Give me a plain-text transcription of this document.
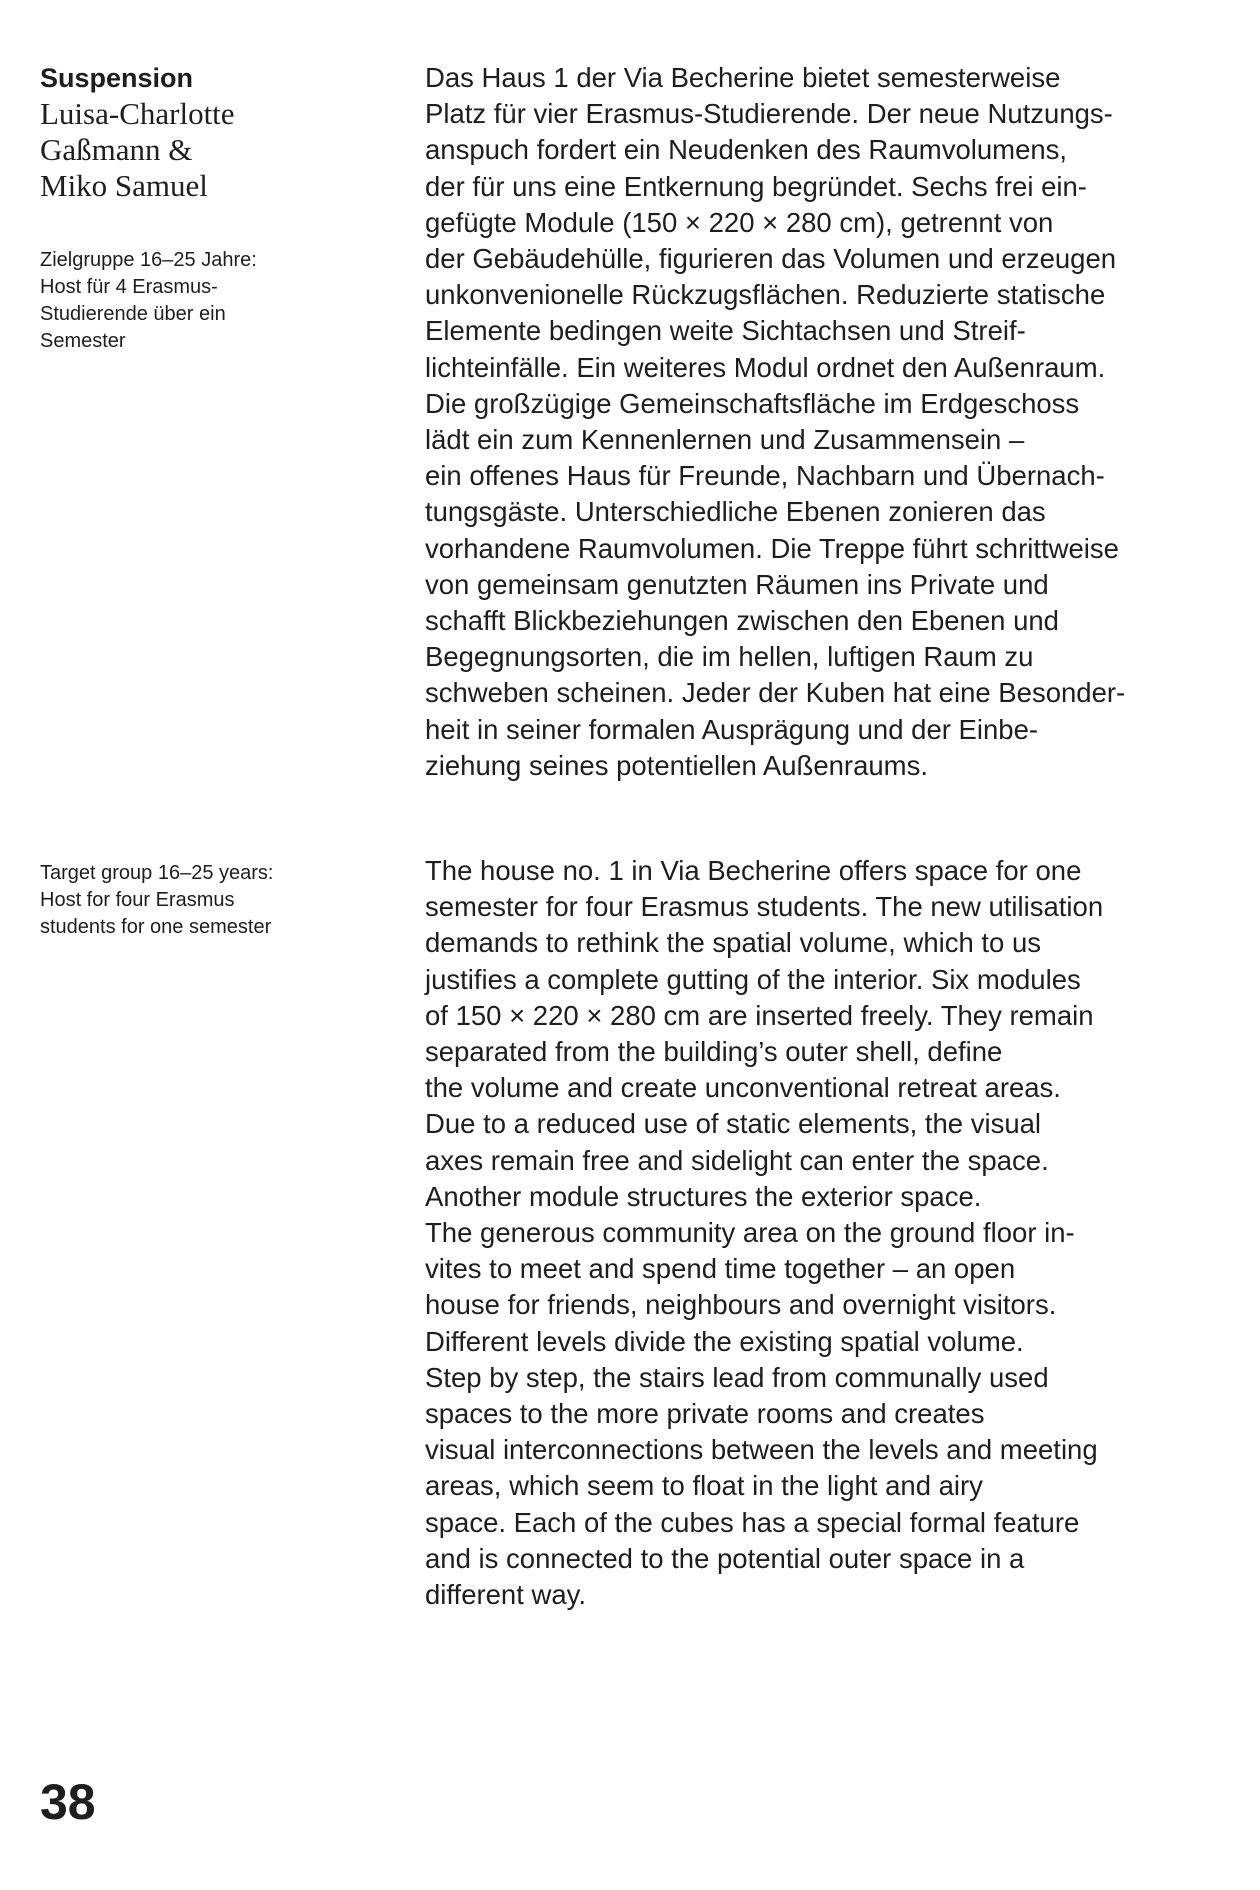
Suspension

Luisa-Charlotte
Gaßmann &
Miko Samuel

Zielgruppe 16–25 Jahre:
Host für 4 Erasmus-
Studierende über ein
Semester

Target group 16–25 years:
Host for four Erasmus
students for one semester

Das Haus 1 der Via Becherine bietet semesterweise
Platz für vier Erasmus-Studierende. Der neue Nutzungs-
anspuch fordert ein Neudenken des Raumvolumens,
der für uns eine Entkernung begründet. Sechs frei ein-
gefügte Module (150 × 220 × 280 cm), getrennt von
der Gebäudehülle, figurieren das Volumen und erzeugen
unkonvenionelle Rückzugsflächen. Reduzierte statische
Elemente bedingen weite Sichtachsen und Streif-
lichteinfälle. Ein weiteres Modul ordnet den Außenraum.
Die großzügige Gemeinschaftsfläche im Erdgeschoss
lädt ein zum Kennenlernen und Zusammensein –
ein offenes Haus für Freunde, Nachbarn und Übernach-
tungsgäste. Unterschiedliche Ebenen zonieren das
vorhandene Raumvolumen. Die Treppe führt schrittweise
von gemeinsam genutzten Räumen ins Private und
schafft Blickbeziehungen zwischen den Ebenen und
Begegnungsorten, die im hellen, luftigen Raum zu
schweben scheinen. Jeder der Kuben hat eine Besonder-
heit in seiner formalen Ausprägung und der Einbe-
ziehung seines potentiellen Außenraums.

The house no. 1 in Via Becherine offers space for one
semester for four Erasmus students. The new utilisation
demands to rethink the spatial volume, which to us
justifies a complete gutting of the interior. Six modules
of 150 × 220 × 280 cm are inserted freely. They remain
separated from the building’s outer shell, define
the volume and create unconventional retreat areas.
Due to a reduced use of static elements, the visual
axes remain free and sidelight can enter the space.
Another module structures the exterior space.
The generous community area on the ground floor in-
vites to meet and spend time together – an open
house for friends, neighbours and overnight visitors.
Different levels divide the existing spatial volume.
Step by step, the stairs lead from communally used
spaces to the more private rooms and creates
visual interconnections between the levels and meeting
areas, which seem to float in the light and airy
space. Each of the cubes has a special formal feature
and is connected to the potential outer space in a
different way.

38
